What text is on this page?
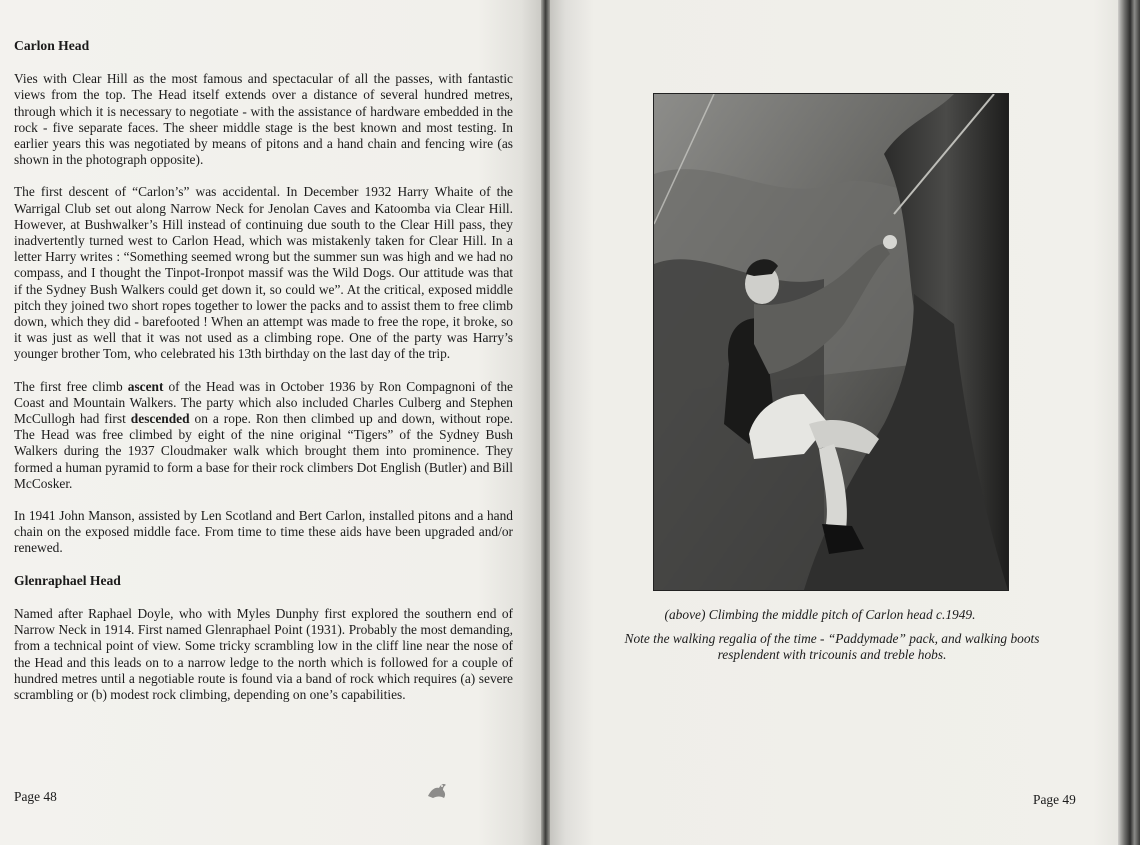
Carlon Head

Vies with Clear Hill as the most famous and spectacular of all the passes, with fantastic views from the top. The Head itself extends over a distance of several hundred metres, through which it is necessary to negotiate - with the assistance of hardware embedded in the rock - five separate faces. The sheer middle stage is the best known and most testing. In earlier years this was negotiated by means of pitons and a hand chain and fencing wire (as shown in the photograph opposite).

The first descent of “Carlon’s” was accidental. In December 1932 Harry Whaite of the Warrigal Club set out along Narrow Neck for Jenolan Caves and Katoomba via Clear Hill. However, at Bushwalker’s Hill instead of continuing due south to the Clear Hill pass, they inadvertently turned west to Carlon Head, which was mistakenly taken for Clear Hill. In a letter Harry writes : “Something seemed wrong but the summer sun was high and we had no compass, and I thought the Tinpot-Ironpot massif was the Wild Dogs. Our attitude was that if the Sydney Bush Walkers could get down it, so could we”. At the critical, exposed middle pitch they joined two short ropes together to lower the packs and to assist them to free climb down, which they did - barefooted ! When an attempt was made to free the rope, it broke, so it was just as well that it was not used as a climbing rope. One of the party was Harry’s younger brother Tom, who celebrated his 13th birthday on the last day of the trip.

The first free climb ascent of the Head was in October 1936 by Ron Compagnoni of the Coast and Mountain Walkers. The party which also included Charles Culberg and Stephen McCullogh had first descended on a rope. Ron then climbed up and down, without rope. The Head was free climbed by eight of the nine original “Tigers” of the Sydney Bush Walkers during the 1937 Cloudmaker walk which brought them into prominence. They formed a human pyramid to form a base for their rock climbers Dot English (Butler) and Bill McCosker.

In 1941 John Manson, assisted by Len Scotland and Bert Carlon, installed pitons and a hand chain on the exposed middle face. From time to time these aids have been upgraded and/or renewed.

Glenraphael Head

Named after Raphael Doyle, who with Myles Dunphy first explored the southern end of Narrow Neck in 1914. First named Glenraphael Point (1931). Probably the most demanding, from a technical point of view. Some tricky scrambling low in the cliff line near the nose of the Head and this leads on to a narrow ledge to the north which is followed for a couple of hundred metres until a negotiable route is found via a band of rock which requires (a) severe scrambling or (b) modest rock climbing, depending on one’s capabilities.

Page 48
(above) Climbing the middle pitch of Carlon head c.1949.
Note the walking regalia of the time - “Paddymade” pack, and walking boots resplendent with tricounis and treble hobs.
Page 49
